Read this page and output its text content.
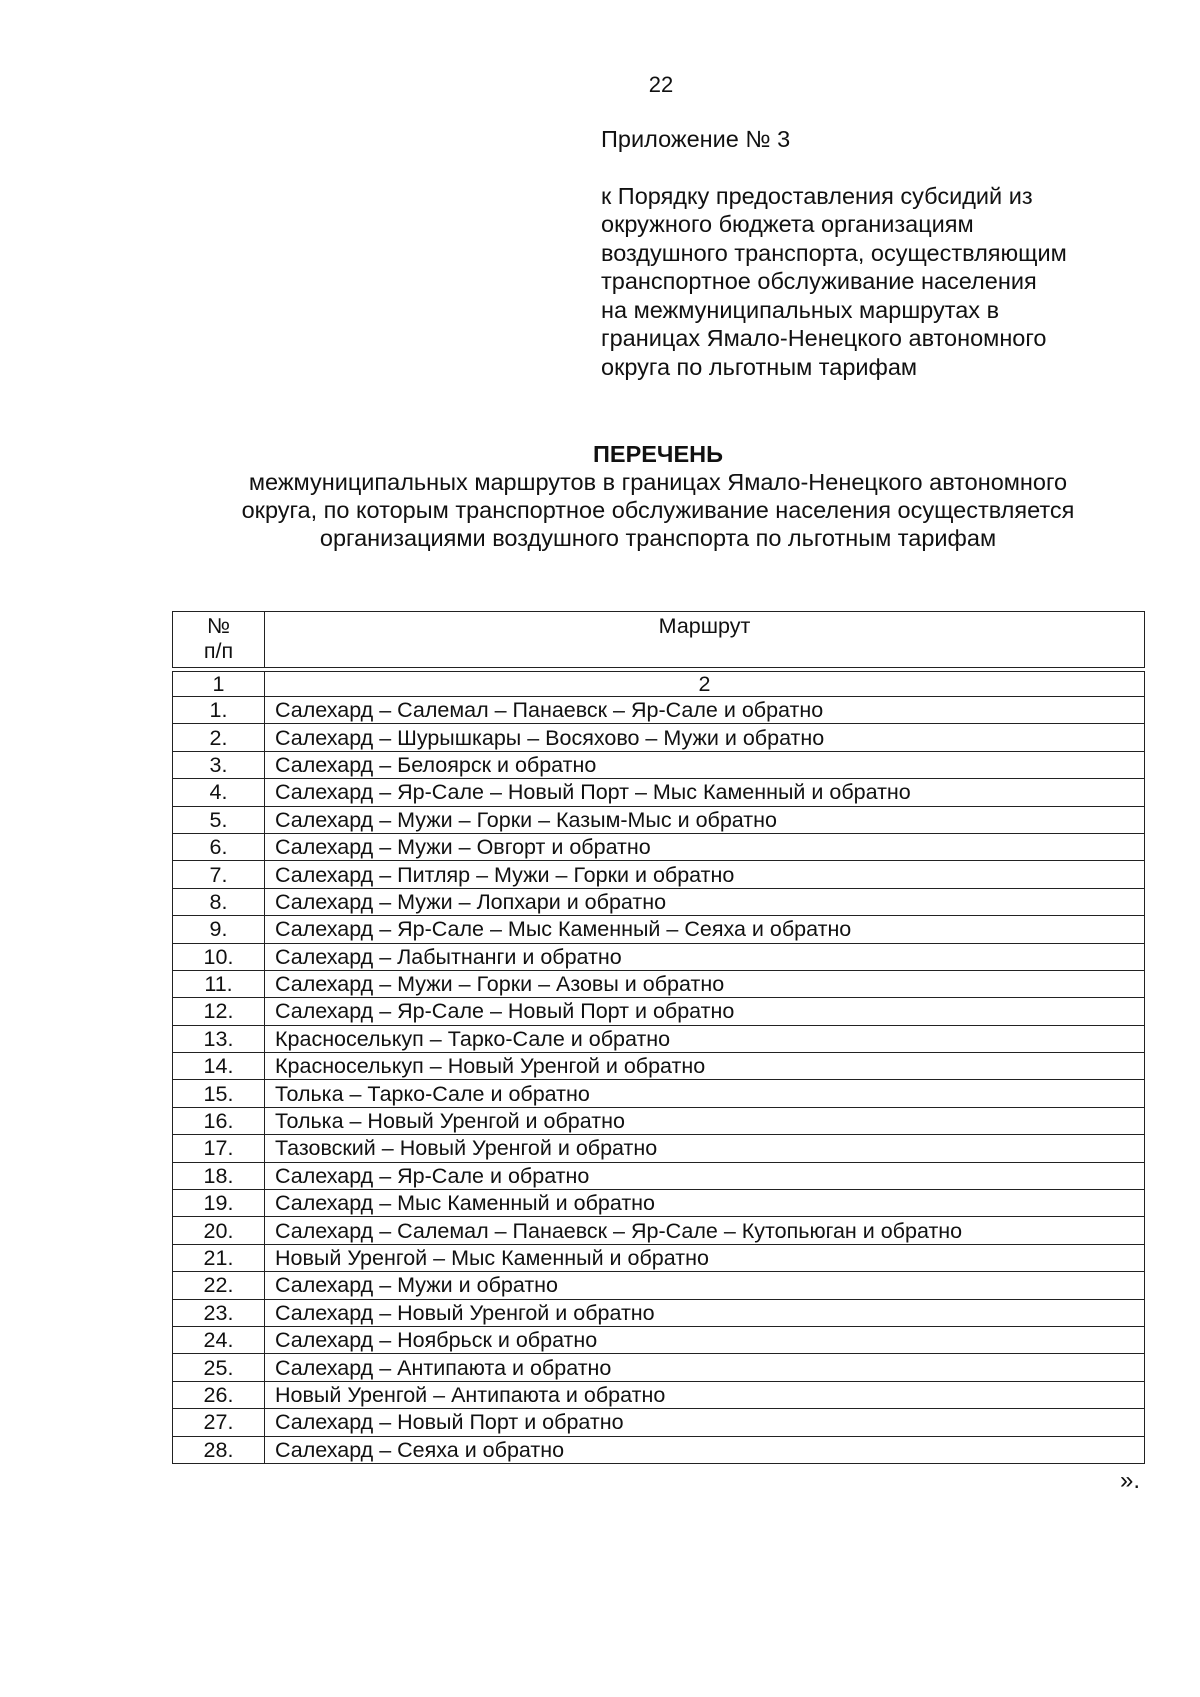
22
Приложение № 3
к Порядку предоставления субсидий из
окружного бюджета организациям
воздушного транспорта, осуществляющим
транспортное обслуживание населения
на межмуниципальных маршрутах в
границах Ямало-Ненецкого автономного
округа по льготным тарифам
ПЕРЕЧЕНЬ
межмуниципальных маршрутов в границах Ямало-Ненецкого автономного
округа, по которым транспортное обслуживание населения осуществляется
организациями воздушного транспорта по льготным тарифам
№
п/п	Маршрут

1	2
1.	Салехард – Салемал – Панаевск – Яр-Сале и обратно
2.	Салехард – Шурышкары – Восяхово – Мужи и обратно
3.	Салехард – Белоярск и обратно
4.	Салехард – Яр-Сале – Новый Порт – Мыс Каменный и обратно
5.	Салехард – Мужи – Горки – Казым-Мыс и обратно
6.	Салехард – Мужи – Овгорт и обратно
7.	Салехард – Питляр – Мужи – Горки и обратно
8.	Салехард – Мужи – Лопхари и обратно
9.	Салехард – Яр-Сале – Мыс Каменный – Сеяха и обратно
10.	Салехард – Лабытнанги и обратно
11.	Салехард – Мужи – Горки – Азовы и обратно
12.	Салехард – Яр-Сале – Новый Порт и обратно
13.	Красноселькуп – Тарко-Сале и обратно
14.	Красноселькуп – Новый Уренгой и обратно
15.	Толька – Тарко-Сале и обратно
16.	Толька – Новый Уренгой и обратно
17.	Тазовский – Новый Уренгой и обратно
18.	Салехард – Яр-Сале и обратно
19.	Салехард – Мыс Каменный и обратно
20.	Салехард – Салемал – Панаевск – Яр-Сале – Кутопьюган и обратно
21.	Новый Уренгой – Мыс Каменный и обратно
22.	Салехард – Мужи и обратно
23.	Салехард – Новый Уренгой и обратно
24.	Салехард – Ноябрьск и обратно
25.	Салехард – Антипаюта и обратно
26.	Новый Уренгой – Антипаюта и обратно
27.	Салехард – Новый Порт и обратно
28.	Салехард – Сеяха и обратно
».
